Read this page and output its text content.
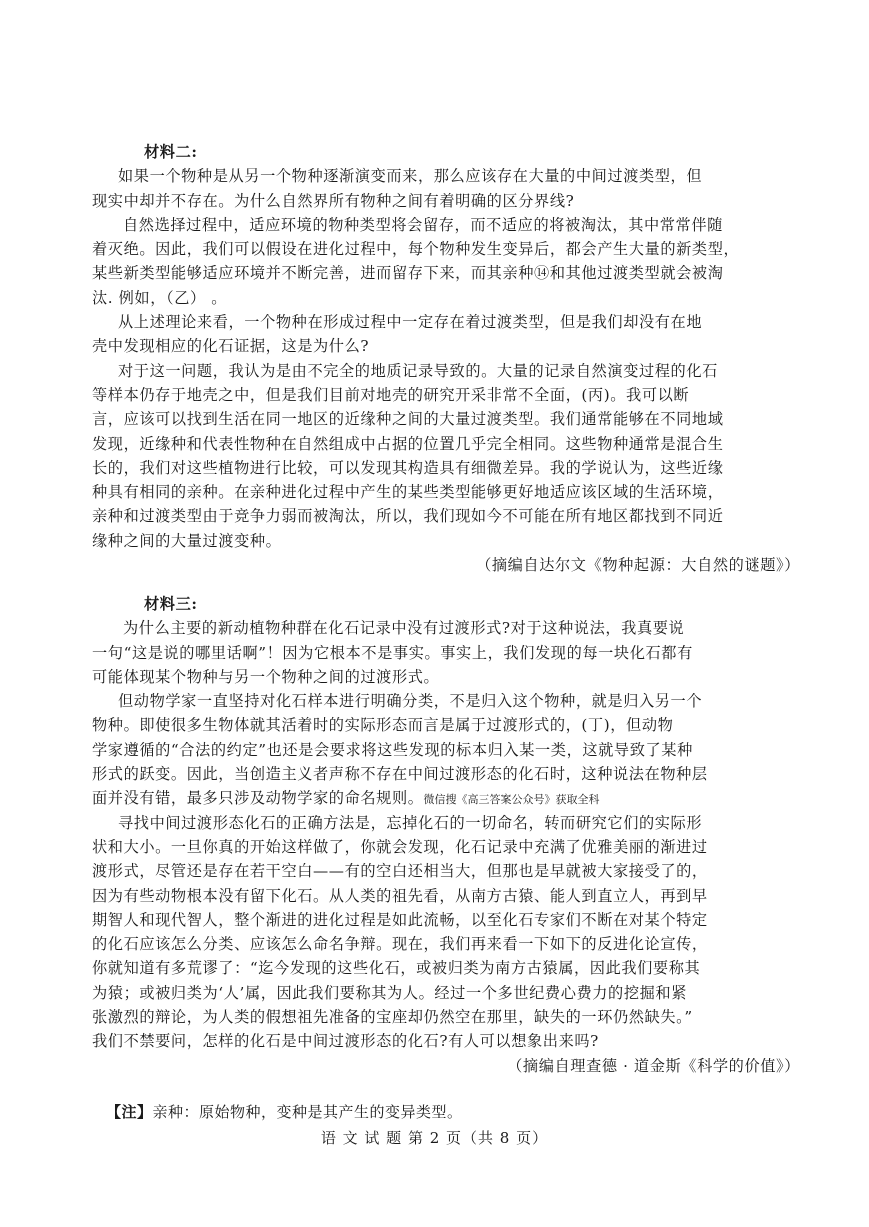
材料二:
如果一个物种是从另一个物种逐渐演变而来，那么应该存在大量的中间过渡类型，但
现实中却并不存在。为什么自然界所有物种之间有着明确的区分界线?
自然选择过程中，适应环境的物种类型将会留存，而不适应的将被淘汰，其中常常伴随
着灭绝。因此，我们可以假设在进化过程中，每个物种发生变异后，都会产生大量的新类型，
某些新类型能够适应环境并不断完善，进而留存下来，而其亲种⑭和其他过渡类型就会被淘
汰. 例如，（乙） 。
从上述理论来看，一个物种在形成过程中一定存在着过渡类型，但是我们却没有在地
壳中发现相应的化石证据，这是为什么?
对于这一问题，我认为是由不完全的地质记录导致的。大量的记录自然演变过程的化石
等样本仍存于地壳之中，但是我们目前对地壳的研究开采非常不全面，(丙)。我可以断
言，应该可以找到生活在同一地区的近缘种之间的大量过渡类型。我们通常能够在不同地域
发现，近缘种和代表性物种在自然组成中占据的位置几乎完全相同。这些物种通常是混合生
长的，我们对这些植物进行比较，可以发现其构造具有细微差异。我的学说认为，这些近缘
种具有相同的亲种。在亲种进化过程中产生的某些类型能够更好地适应该区域的生活环境，
亲种和过渡类型由于竞争力弱而被淘汰，所以，我们现如今不可能在所有地区都找到不同近
缘种之间的大量过渡变种。
（摘编自达尔文《物种起源：大自然的谜题》）
材料三:
为什么主要的新动植物种群在化石记录中没有过渡形式?对于这种说法，我真要说
一句“这是说的哪里话啊”！因为它根本不是事实。事实上，我们发现的每一块化石都有
可能体现某个物种与另一个物种之间的过渡形式。
但动物学家一直坚持对化石样本进行明确分类，不是归入这个物种，就是归入另一个
物种。即使很多生物体就其活着时的实际形态而言是属于过渡形式的，(丁)，但动物
学家遵循的“合法的约定”也还是会要求将这些发现的标本归入某一类，这就导致了某种
形式的跃变。因此，当创造主义者声称不存在中间过渡形态的化石时，这种说法在物种层
面并没有错，最多只涉及动物学家的命名规则。微信搜《高三答案公众号》获取全科
寻找中间过渡形态化石的正确方法是，忘掉化石的一切命名，转而研究它们的实际形
状和大小。一旦你真的开始这样做了，你就会发现，化石记录中充满了优雅美丽的渐进过
渡形式，尽管还是存在若干空白——有的空白还相当大，但那也是早就被大家接受了的，
因为有些动物根本没有留下化石。从人类的祖先看，从南方古猿、能人到直立人，再到早
期智人和现代智人，整个渐进的进化过程是如此流畅，以至化石专家们不断在对某个特定
的化石应该怎么分类、应该怎么命名争辩。现在，我们再来看一下如下的反进化论宣传，
你就知道有多荒谬了：“迄今发现的这些化石，或被归类为南方古猿属，因此我们要称其
为猿；或被归类为‘人’属，因此我们要称其为人。经过一个多世纪费心费力的挖掘和紧
张激烈的辩论，为人类的假想祖先准备的宝座却仍然空在那里，缺失的一环仍然缺失。”
我们不禁要问，怎样的化石是中间过渡形态的化石?有人可以想象出来吗?
（摘编自理查德 · 道金斯《科学的价值》）
【注】亲种：原始物种，变种是其产生的变异类型。
语 文 试 题 第 2 页（共 8 页）
